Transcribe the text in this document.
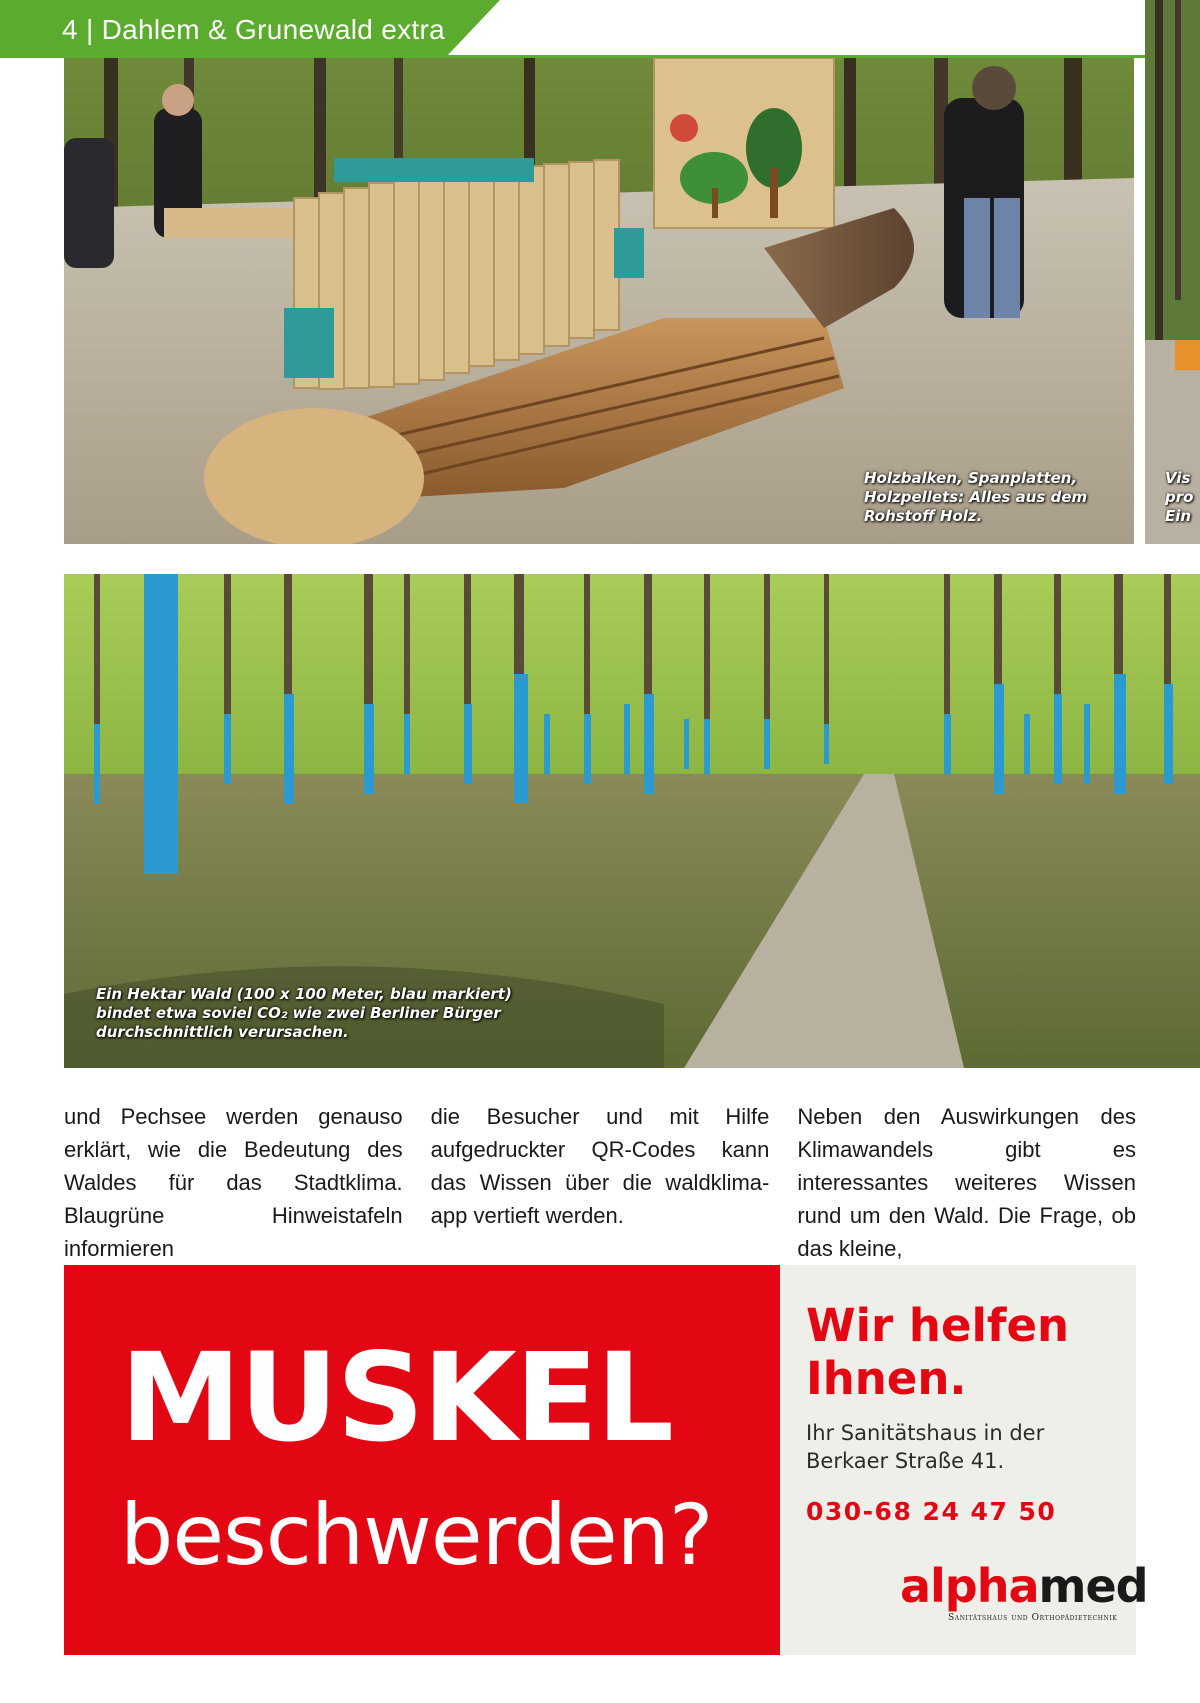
4 | Dahlem & Grunewald extra
Vis
pro
Ein
Holzbalken, Spanplatten, Holzpellets: Alles aus dem Rohstoff Holz.
Ein Hektar Wald (100 x 100 Meter, blau markiert) bindet etwa soviel CO₂ wie zwei Berliner Bürger durchschnittlich verursachen.

und Pechsee werden genauso erklärt, wie die Bedeutung des Waldes für das Stadtklima. Blaugrüne Hinweistafeln informieren

die Besucher und mit Hilfe aufgedruckter QR-Codes kann das Wissen über die waldklima-app vertieft werden.

Neben den Auswirkungen des Klimawandels gibt es interessantes weiteres Wissen rund um den Wald. Die Frage, ob das kleine,

MUSKEL
beschwerden?
Wir helfen Ihnen.
Ihr Sanitätshaus in der Berkaer Straße 41.
030-68 24 47 50
alphamed
Sanitätshaus und Orthopädietechnik
